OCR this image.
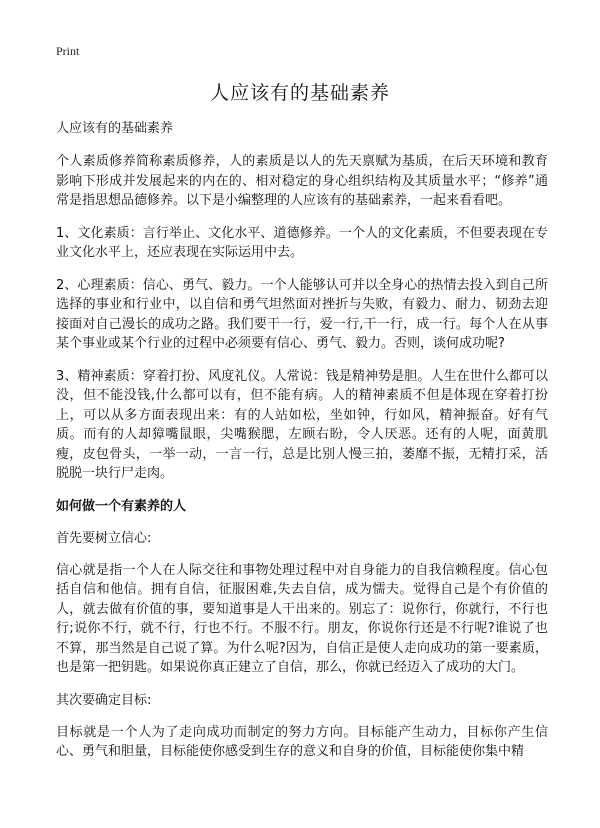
Print
人应该有的基础素养

人应该有的基础素养

个人素质修养简称素质修养，人的素质是以人的先天禀赋为基质，在后天环境和教育影响下形成并发展起来的内在的、相对稳定的身心组织结构及其质量水平；“修养”通常是指思想品德修养。以下是小编整理的人应该有的基础素养，一起来看看吧。

1、文化素质：言行举止、文化水平、道德修养。一个人的文化素质，不但要表现在专业文化水平上，还应表现在实际运用中去。

2、心理素质：信心、勇气、毅力。一个人能够认可并以全身心的热情去投入到自己所选择的事业和行业中，以自信和勇气坦然面对挫折与失败，有毅力、耐力、韧劲去迎接面对自己漫长的成功之路。我们要干一行，爱一行,干一行，成一行。每个人在从事某个事业或某个行业的过程中必须要有信心、勇气、毅力。否则，谈何成功呢?

3、精神素质：穿着打扮、风度礼仪。人常说：钱是精神势是胆。人生在世什么都可以没，但不能没钱,什么都可以有，但不能有病。人的精神素质不但是体现在穿着打扮上，可以从多方面表现出来：有的人站如松，坐如钟，行如风，精神振奋。好有气质。而有的人却獐嘴鼠眼，尖嘴猴腮，左顾右盼，令人厌恶。还有的人呢，面黄肌瘦，皮包骨头，一举一动，一言一行，总是比别人慢三拍，萎靡不振，无精打采，活脱脱一块行尸走肉。

如何做一个有素养的人

首先要树立信心:

信心就是指一个人在人际交往和事物处理过程中对自身能力的自我信赖程度。信心包括自信和他信。拥有自信，征服困难,失去自信，成为懦夫。觉得自己是个有价值的人，就去做有价值的事，要知道事是人干出来的。别忘了：说你行，你就行，不行也行;说你不行，就不行，行也不行。不服不行。朋友，你说你行还是不行呢?谁说了也不算，那当然是自己说了算。为什么呢?因为，自信正是使人走向成功的第一要素质，也是第一把钥匙。如果说你真正建立了自信，那么，你就已经迈入了成功的大门。

其次要确定目标:

目标就是一个人为了走向成功而制定的努力方向。目标能产生动力，目标你产生信心、勇气和胆量，目标能使你感受到生存的意义和自身的价值，目标能使你集中精
